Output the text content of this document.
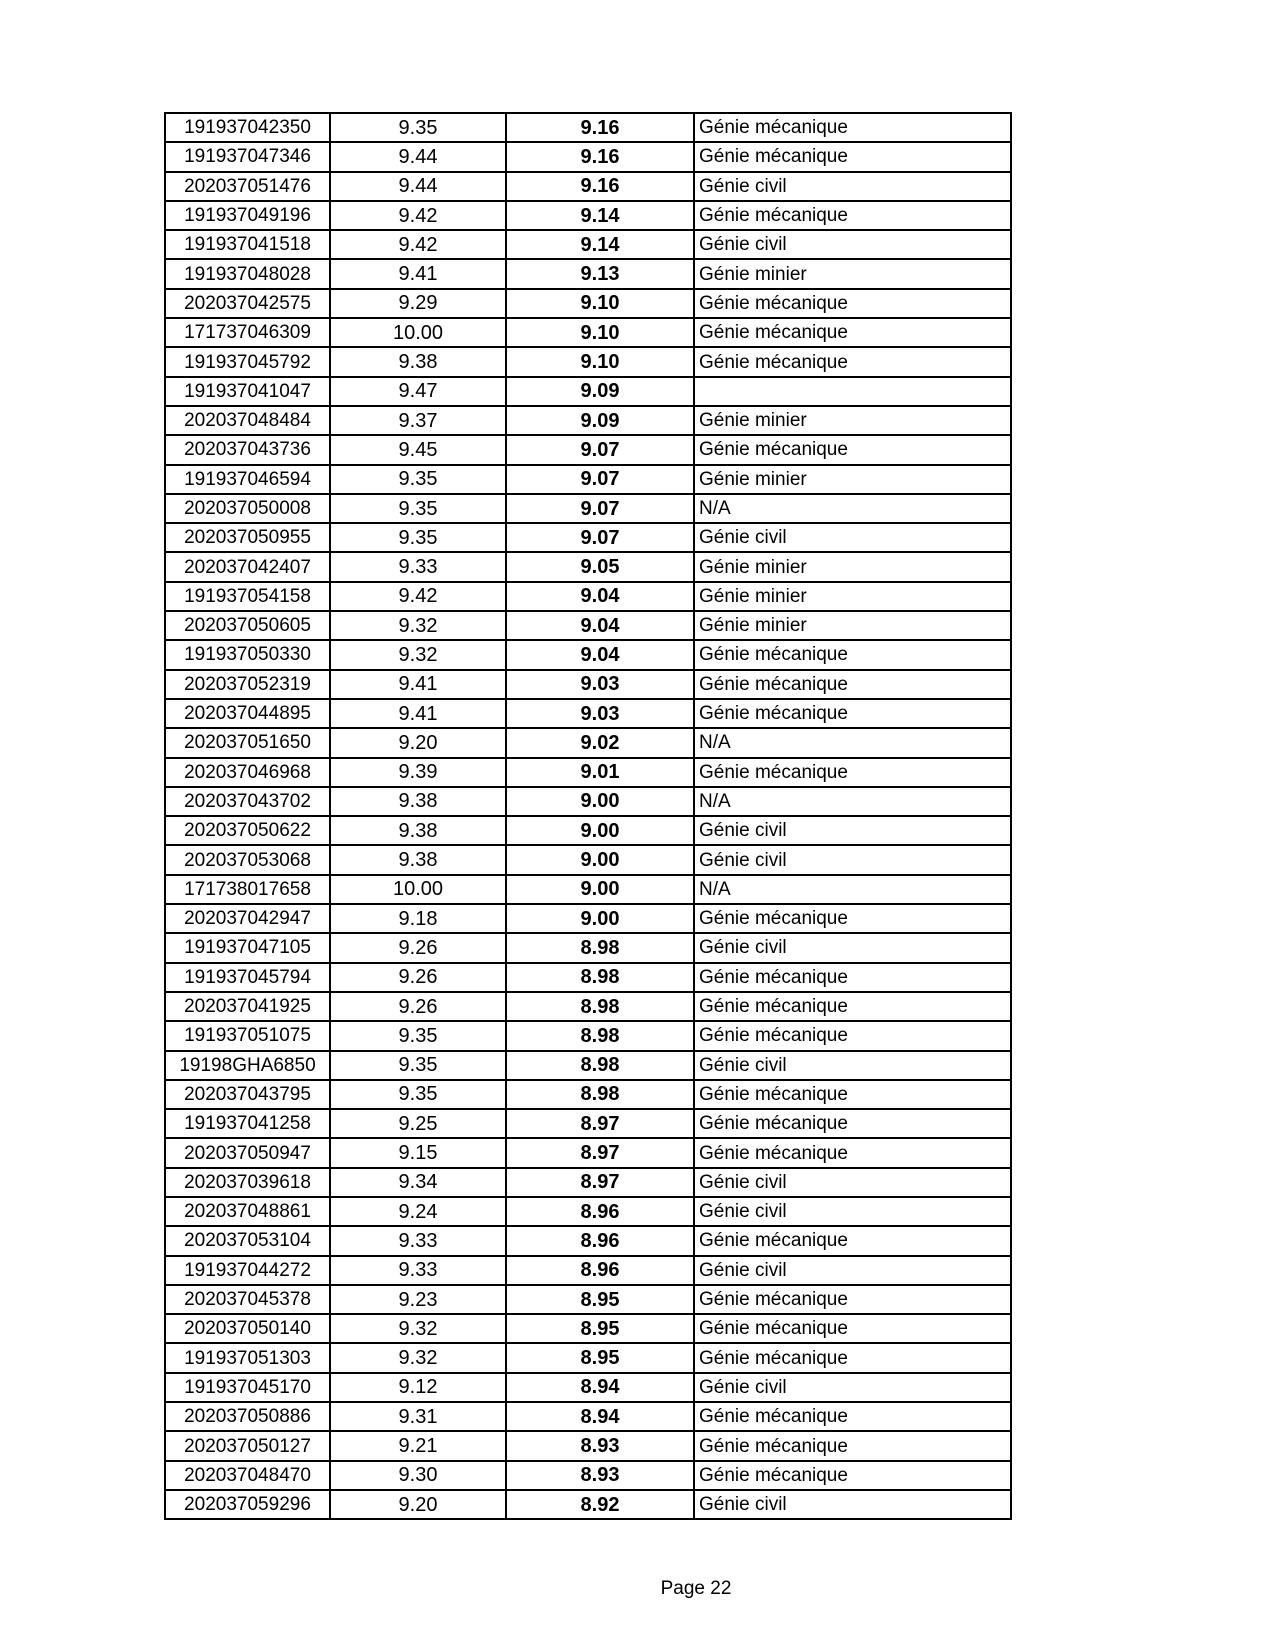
191937042350	9.35	9.16	Génie mécanique
191937047346	9.44	9.16	Génie mécanique
202037051476	9.44	9.16	Génie civil
191937049196	9.42	9.14	Génie mécanique
191937041518	9.42	9.14	Génie civil
191937048028	9.41	9.13	Génie minier
202037042575	9.29	9.10	Génie mécanique
171737046309	10.00	9.10	Génie mécanique
191937045792	9.38	9.10	Génie mécanique
191937041047	9.47	9.09	
202037048484	9.37	9.09	Génie minier
202037043736	9.45	9.07	Génie mécanique
191937046594	9.35	9.07	Génie minier
202037050008	9.35	9.07	N/A
202037050955	9.35	9.07	Génie civil
202037042407	9.33	9.05	Génie minier
191937054158	9.42	9.04	Génie minier
202037050605	9.32	9.04	Génie minier
191937050330	9.32	9.04	Génie mécanique
202037052319	9.41	9.03	Génie mécanique
202037044895	9.41	9.03	Génie mécanique
202037051650	9.20	9.02	N/A
202037046968	9.39	9.01	Génie mécanique
202037043702	9.38	9.00	N/A
202037050622	9.38	9.00	Génie civil
202037053068	9.38	9.00	Génie civil
171738017658	10.00	9.00	N/A
202037042947	9.18	9.00	Génie mécanique
191937047105	9.26	8.98	Génie civil
191937045794	9.26	8.98	Génie mécanique
202037041925	9.26	8.98	Génie mécanique
191937051075	9.35	8.98	Génie mécanique
19198GHA6850	9.35	8.98	Génie civil
202037043795	9.35	8.98	Génie mécanique
191937041258	9.25	8.97	Génie mécanique
202037050947	9.15	8.97	Génie mécanique
202037039618	9.34	8.97	Génie civil
202037048861	9.24	8.96	Génie civil
202037053104	9.33	8.96	Génie mécanique
191937044272	9.33	8.96	Génie civil
202037045378	9.23	8.95	Génie mécanique
202037050140	9.32	8.95	Génie mécanique
191937051303	9.32	8.95	Génie mécanique
191937045170	9.12	8.94	Génie civil
202037050886	9.31	8.94	Génie mécanique
202037050127	9.21	8.93	Génie mécanique
202037048470	9.30	8.93	Génie mécanique
202037059296	9.20	8.92	Génie civil
Page 22
